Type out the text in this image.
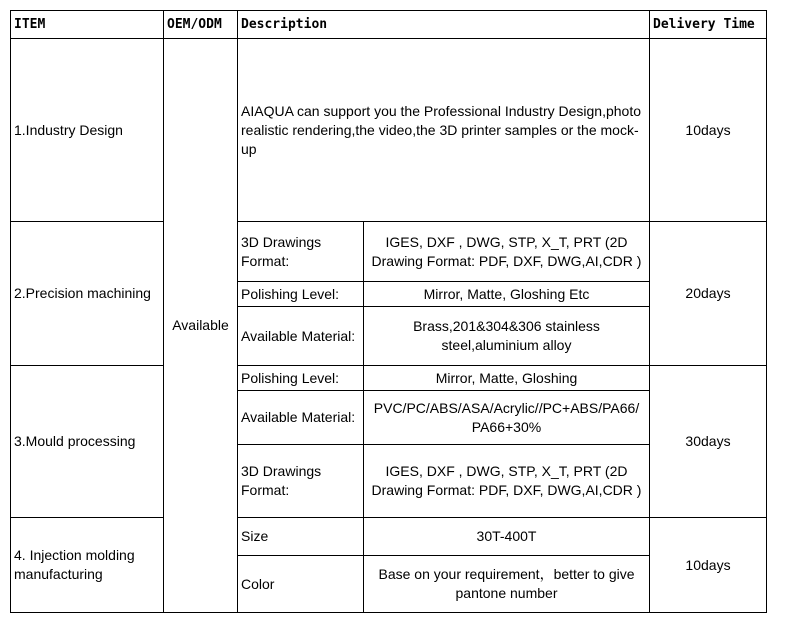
ITEM	OEM/ODM	Description		Delivery Time
1.Industry Design	Available	AIAQUA can support you the Professional Industry Design,photo realistic rendering,the video,the 3D printer samples or the mock-up		10days
2.Precision machining		3D Drawings Format:	IGES, DXF , DWG, STP, X_T, PRT (2D Drawing Format: PDF, DXF, DWG,AI,CDR )	20days
		Polishing Level:	Mirror, Matte, Gloshing Etc	
		Available Material:	Brass,201&304&306 stainless steel,aluminium alloy	
3.Mould processing		Polishing Level:	Mirror, Matte, Gloshing	30days
		Available Material:	PVC/PC/ABS/ASA/Acrylic//PC+ABS/PA66/ PA66+30%	
		3D Drawings Format:	IGES, DXF , DWG, STP, X_T, PRT (2D Drawing Format: PDF, DXF, DWG,AI,CDR )	
4. Injection molding manufacturing		Size	30T-400T	10days
		Color	Base on your requirement，better to give pantone number	
